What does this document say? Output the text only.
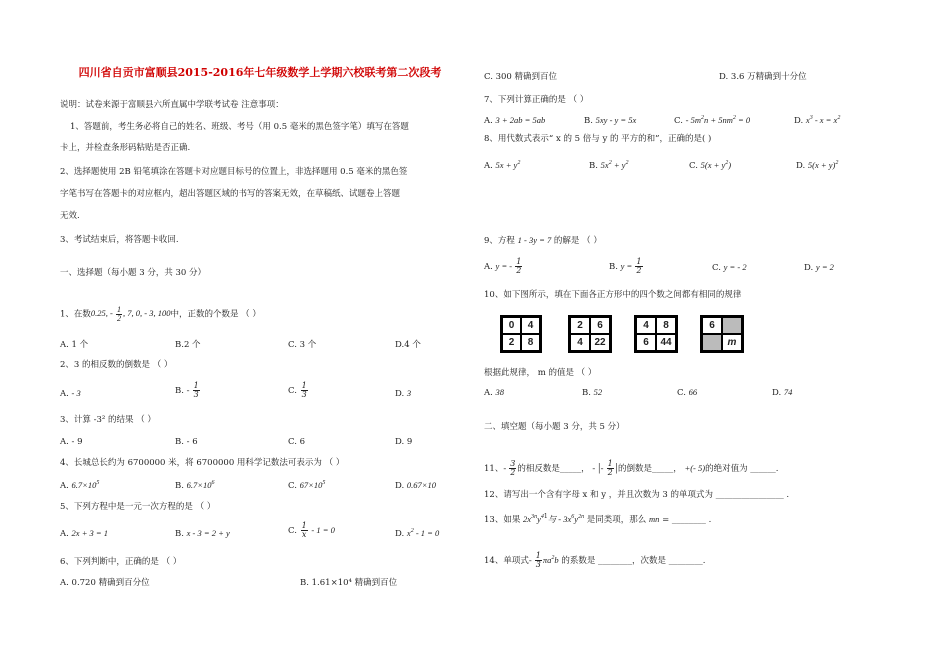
四川省自贡市富顺县2015-2016年七年级数学上学期六校联考第二次段考
说明：试卷来源于富顺县六所直属中学联考试卷 注意事项：
1、答题前，考生务必将自己的姓名、班级、考号（用 0.5 毫米的黑色签字笔）填写在答题
卡上，并检查条形码粘贴是否正确.
2、选择题使用 2B 铅笔填涂在答题卡对应题目标号的位置上，非选择题用 0.5 毫米的黑色签
字笔书写在答题卡的对应框内，超出答题区域的书写的答案无效，在草稿纸、试题卷上答题
无效.
3、考试结束后，将答题卡收回.
一、选择题（每小题 3 分，共 30 分）
1、在数0.25, - $\frac{1}{2}$ , 7, 0, - 3, 100中，正数的个数是 （ ）
A. 1 个	B.2 个	C. 3 个	D.4 个
2、3 的相反数的倒数是 （ ）
A. - 3	B. - $\frac{1}{3}$	C. $\frac{1}{3}$	D. 3
3、计算 -3² 的结果 （ ）
A. - 9	B. - 6	C. 6	D. 9
4、长城总长约为 6700000 米，将 6700000 用科学记数法可表示为 （ ）
A. $6.7\times 10^5$	B. $6.7\times 10^6$	C. $67\times 10^5$	D. 0.67×10
5、下列方程中是一元一次方程的是 （ ）
A. 2x + 3 = 1	B. x - 3 = 2 + y	C. $\frac{1}{x} - 1 = 0$	D. $x^2 - 1 = 0$
6、下列判断中，正确的是 （ ）
A. 0.720 精确到百分位	B. 1.61×10⁴ 精确到百位
C. 300 精确到百位	D. 3.6 万精确到十分位
7、下列计算正确的是 （ ）
A. 3 + 2ab = 5ab	B. 5xy - y = 5x	C. - $5m^2n + 5nm^2 = 0$	D. $x^3 - x = x^2$
8、用代数式表示“ x 的 5 倍与 y 的 平方的和”，正确的是( )
A. $5x + y^2$	B. $5x^2 + y^2$	C. $5(x + y^2)$	D. $5(x + y)^2$
9、方程 1 - 3y = 7 的解是 （ ）
A. y = - $\frac{1}{2}$	B. $y = \frac{1}{2}$	C. y = - 2	D. y = 2
10、如下图所示，填在下面各正方形中的四个数之间都有相同的规律
0	4
2	8
2	6
4	22
4	8
6	44
6
m
根据此规律， m 的值是 （ ）
A. 38	B. 52	C. 66	D. 74
二、填空题（每小题 3 分，共 5 分）
11、- $\frac{3}{2}$ 的相反数是_____， - |- $\frac{1}{2}$ |的倒数是_____， +(- 5)的绝对值为 ______.
12、请写出一个含有字母 x 和 y ，并且次数为 3 的单项式为 ________________ .
13、如果 $2x^{3n}y^{41}$与 - $3x^6y^{2n}$ 是同类项，那么 mn = ________ .
14、单项式- $\frac{1}{3} \pi a^2b$ 的系数是 ________，次数是 ________.
